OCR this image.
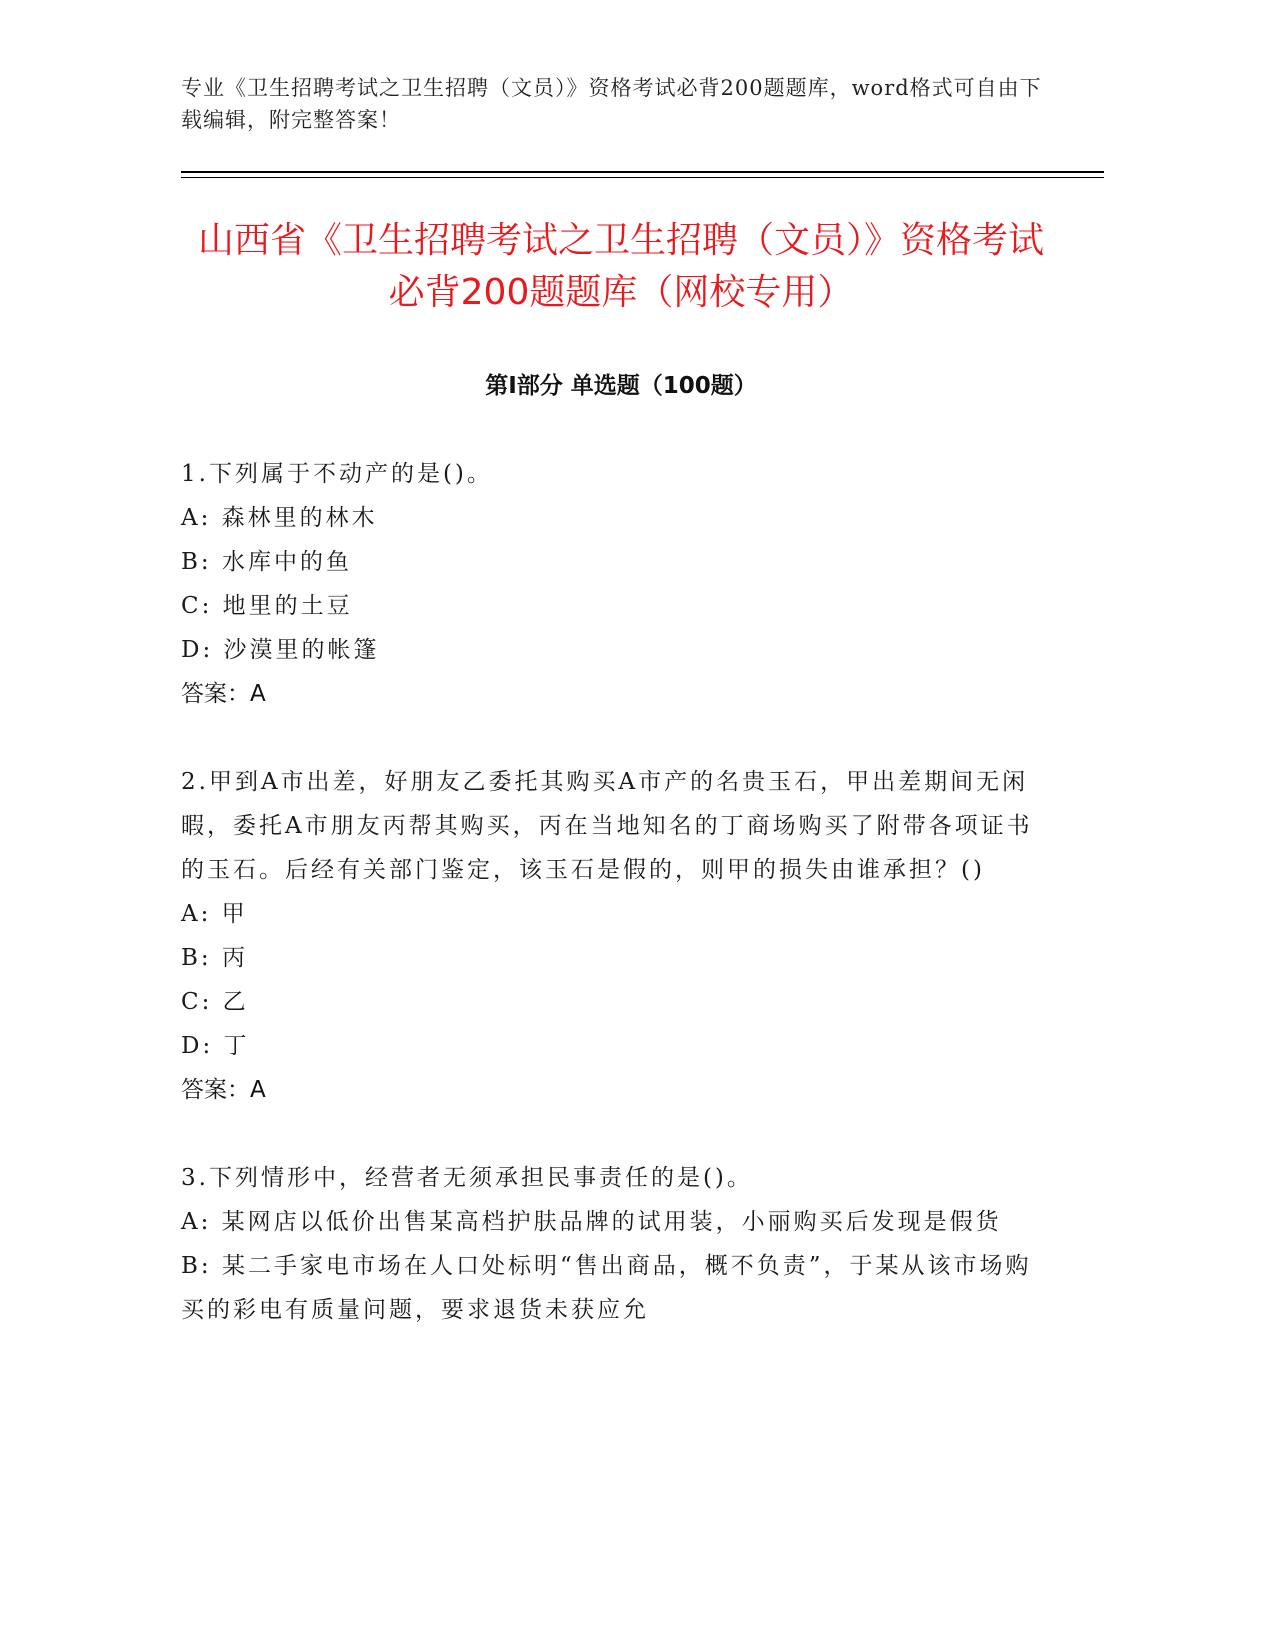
专业《卫生招聘考试之卫生招聘（文员）》资格考试必背200题题库，word格式可自由下载编辑，附完整答案！
山西省《卫生招聘考试之卫生招聘（文员）》资格考试必背200题题库（网校专用）
第I部分 单选题（100题）

1.下列属于不动产的是()。

A: 森林里的林木

B: 水库中的鱼

C: 地里的土豆

D: 沙漠里的帐篷

答案：A

2.甲到A市出差，好朋友乙委托其购买A市产的名贵玉石，甲出差期间无闲暇，委托A市朋友丙帮其购买，丙在当地知名的丁商场购买了附带各项证书的玉石。后经有关部门鉴定，该玉石是假的，则甲的损失由谁承担？()

A: 甲

B: 丙

C: 乙

D: 丁

答案：A

3.下列情形中，经营者无须承担民事责任的是()。

A: 某网店以低价出售某高档护肤品牌的试用装，小丽购买后发现是假货

B: 某二手家电市场在人口处标明“售出商品，概不负责”，于某从该市场购买的彩电有质量问题，要求退货未获应允
